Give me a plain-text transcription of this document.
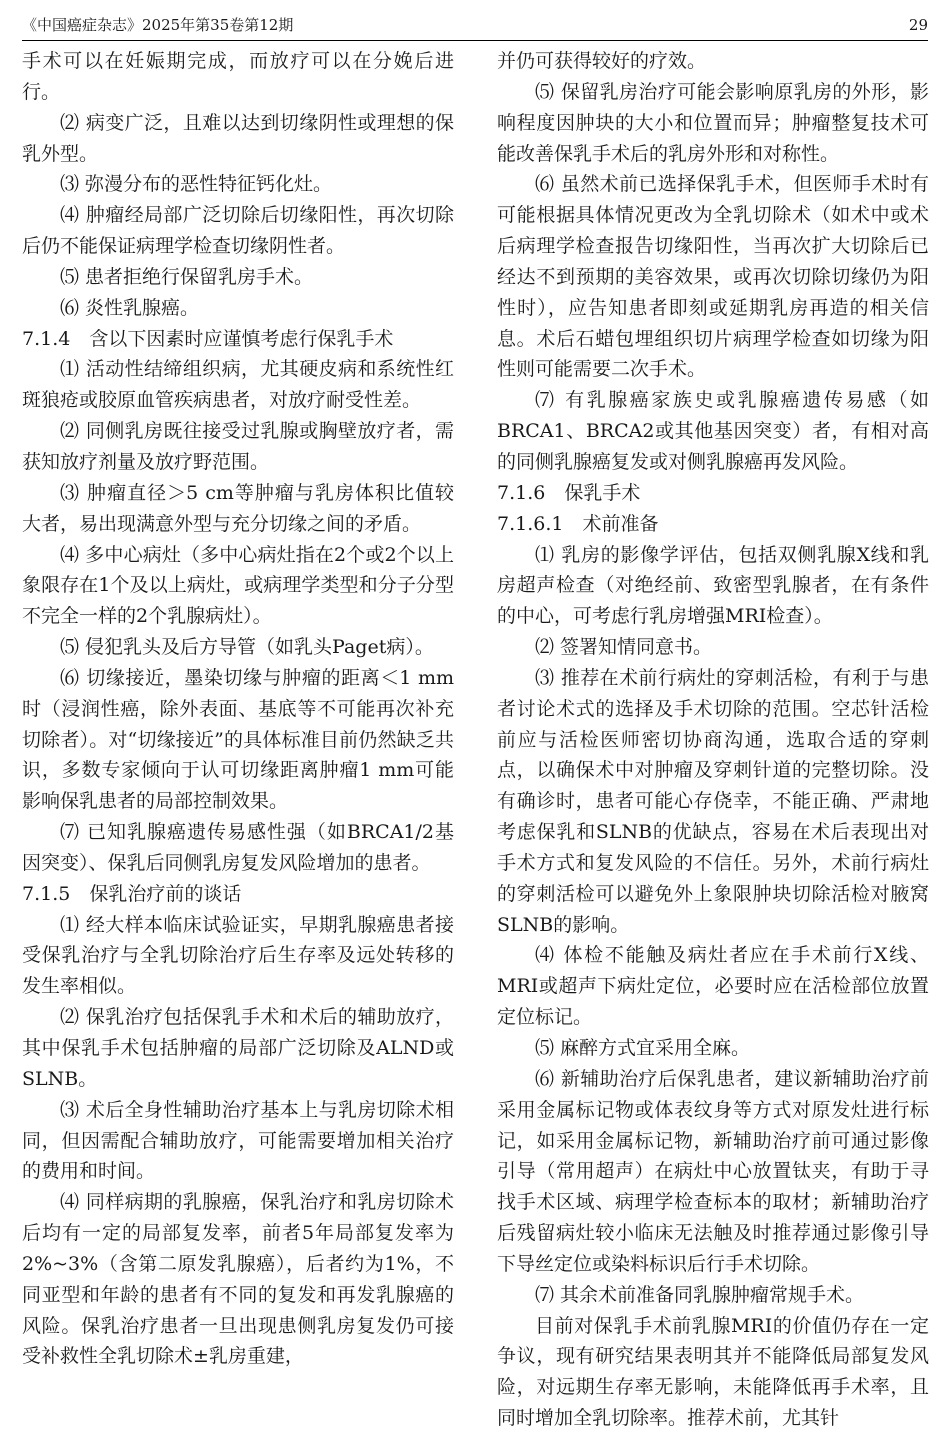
《中国癌症杂志》2025年第35卷第12期	29

手术可以在妊娠期完成，而放疗可以在分娩后进行。

⑵ 病变广泛，且难以达到切缘阴性或理想的保乳外型。

⑶ 弥漫分布的恶性特征钙化灶。

⑷ 肿瘤经局部广泛切除后切缘阳性，再次切除后仍不能保证病理学检查切缘阴性者。

⑸ 患者拒绝行保留乳房手术。

⑹ 炎性乳腺癌。

7.1.4　含以下因素时应谨慎考虑行保乳手术

⑴ 活动性结缔组织病，尤其硬皮病和系统性红斑狼疮或胶原血管疾病患者，对放疗耐受性差。

⑵ 同侧乳房既往接受过乳腺或胸壁放疗者，需获知放疗剂量及放疗野范围。

⑶ 肿瘤直径＞5 cm等肿瘤与乳房体积比值较大者，易出现满意外型与充分切缘之间的矛盾。

⑷ 多中心病灶（多中心病灶指在2个或2个以上象限存在1个及以上病灶，或病理学类型和分子分型不完全一样的2个乳腺病灶）。

⑸ 侵犯乳头及后方导管（如乳头Paget病）。

⑹ 切缘接近，墨染切缘与肿瘤的距离＜1 mm时（浸润性癌，除外表面、基底等不可能再次补充切除者）。对“切缘接近”的具体标准目前仍然缺乏共识，多数专家倾向于认可切缘距离肿瘤1 mm可能影响保乳患者的局部控制效果。

⑺ 已知乳腺癌遗传易感性强（如BRCA1/2基因突变）、保乳后同侧乳房复发风险增加的患者。

7.1.5　保乳治疗前的谈话

⑴ 经大样本临床试验证实，早期乳腺癌患者接受保乳治疗与全乳切除治疗后生存率及远处转移的发生率相似。

⑵ 保乳治疗包括保乳手术和术后的辅助放疗，其中保乳手术包括肿瘤的局部广泛切除及ALND或SLNB。

⑶ 术后全身性辅助治疗基本上与乳房切除术相同，但因需配合辅助放疗，可能需要增加相关治疗的费用和时间。

⑷ 同样病期的乳腺癌，保乳治疗和乳房切除术后均有一定的局部复发率，前者5年局部复发率为2%~3%（含第二原发乳腺癌），后者约为1%，不同亚型和年龄的患者有不同的复发和再发乳腺癌的风险。保乳治疗患者一旦出现患侧乳房复发仍可接受补救性全乳切除术±乳房重建，

并仍可获得较好的疗效。

⑸ 保留乳房治疗可能会影响原乳房的外形，影响程度因肿块的大小和位置而异；肿瘤整复技术可能改善保乳手术后的乳房外形和对称性。

⑹ 虽然术前已选择保乳手术，但医师手术时有可能根据具体情况更改为全乳切除术（如术中或术后病理学检查报告切缘阳性，当再次扩大切除后已经达不到预期的美容效果，或再次切除切缘仍为阳性时），应告知患者即刻或延期乳房再造的相关信息。术后石蜡包埋组织切片病理学检查如切缘为阳性则可能需要二次手术。

⑺ 有乳腺癌家族史或乳腺癌遗传易感（如BRCA1、BRCA2或其他基因突变）者，有相对高的同侧乳腺癌复发或对侧乳腺癌再发风险。

7.1.6　保乳手术

7.1.6.1　术前准备

⑴ 乳房的影像学评估，包括双侧乳腺X线和乳房超声检查（对绝经前、致密型乳腺者，在有条件的中心，可考虑行乳房增强MRI检查）。

⑵ 签署知情同意书。

⑶ 推荐在术前行病灶的穿刺活检，有利于与患者讨论术式的选择及手术切除的范围。空芯针活检前应与活检医师密切协商沟通，选取合适的穿刺点，以确保术中对肿瘤及穿刺针道的完整切除。没有确诊时，患者可能心存侥幸，不能正确、严肃地考虑保乳和SLNB的优缺点，容易在术后表现出对手术方式和复发风险的不信任。另外，术前行病灶的穿刺活检可以避免外上象限肿块切除活检对腋窝SLNB的影响。

⑷ 体检不能触及病灶者应在手术前行X线、MRI或超声下病灶定位，必要时应在活检部位放置定位标记。

⑸ 麻醉方式宜采用全麻。

⑹ 新辅助治疗后保乳患者，建议新辅助治疗前采用金属标记物或体表纹身等方式对原发灶进行标记，如采用金属标记物，新辅助治疗前可通过影像引导（常用超声）在病灶中心放置钛夹，有助于寻找手术区域、病理学检查标本的取材；新辅助治疗后残留病灶较小临床无法触及时推荐通过影像引导下导丝定位或染料标识后行手术切除。

⑺ 其余术前准备同乳腺肿瘤常规手术。

目前对保乳手术前乳腺MRI的价值仍存在一定争议，现有研究结果表明其并不能降低局部复发风险，对远期生存率无影响，未能降低再手术率，且同时增加全乳切除率。推荐术前，尤其针
